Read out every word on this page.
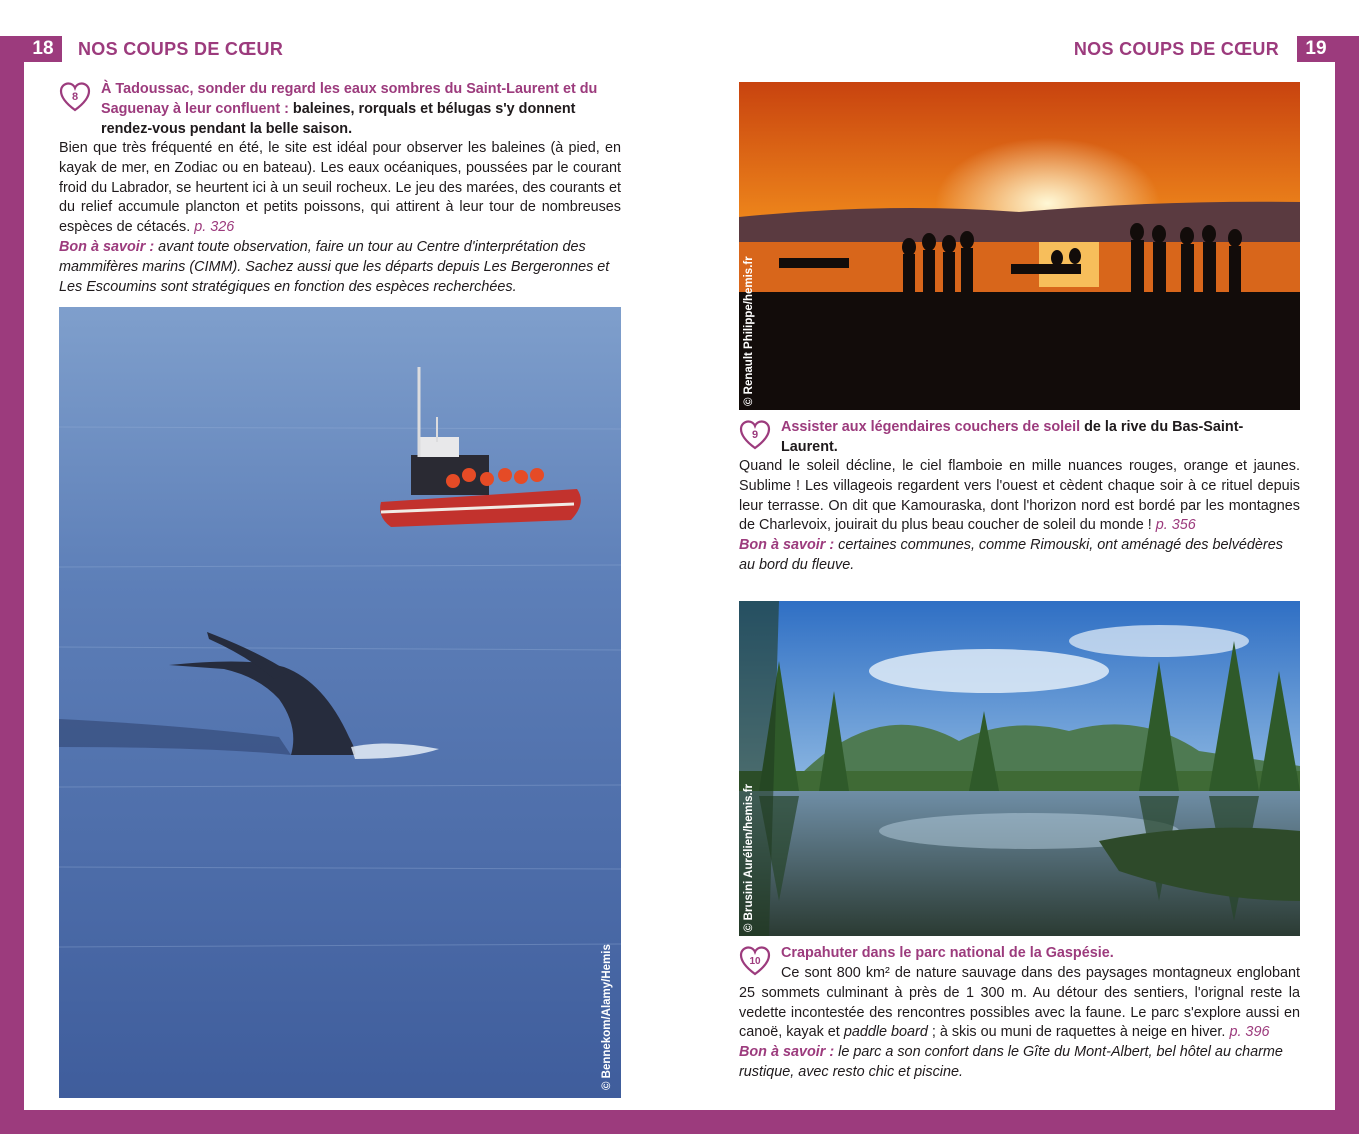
18	NOS COUPS DE CŒUR	NOS COUPS DE CŒUR	19
8 À Tadoussac, sonder du regard les eaux sombres du Saint-Laurent et du Saguenay à leur confluent : baleines, rorquals et bélugas s'y donnent rendez-vous pendant la belle saison.
Bien que très fréquenté en été, le site est idéal pour observer les baleines (à pied, en kayak de mer, en Zodiac ou en bateau). Les eaux océaniques, poussées par le courant froid du Labrador, se heurtent ici à un seuil rocheux. Le jeu des marées, des courants et du relief accumule plancton et petits poissons, qui attirent à leur tour de nombreuses espèces de cétacés. p. 326
Bon à savoir : avant toute observation, faire un tour au Centre d'interprétation des mammifères marins (CIMM). Sachez aussi que les départs depuis Les Bergeronnes et Les Escoumins sont stratégiques en fonction des espèces recherchées.
© Bennekom/Alamy/Hemis
© Renault Philippe/hemis.fr
9 Assister aux légendaires couchers de soleil de la rive du Bas-Saint-Laurent.
Quand le soleil décline, le ciel flamboie en mille nuances rouges, orange et jaunes. Sublime ! Les villageois regardent vers l'ouest et cèdent chaque soir à ce rituel depuis leur terrasse. On dit que Kamouraska, dont l'horizon nord est bordé par les montagnes de Charlevoix, jouirait du plus beau coucher de soleil du monde ! p. 356
Bon à savoir : certaines communes, comme Rimouski, ont aménagé des belvédères au bord du fleuve.
© Brusini Aurélien/hemis.fr
10
Crapahuter dans le parc national de la Gaspésie.
Ce sont 800 km² de nature sauvage dans des paysages montagneux englobant 25 sommets culminant à près de 1 300 m. Au détour des sentiers, l'orignal reste la vedette incontestée des rencontres possibles avec la faune. Le parc s'explore aussi en canoë, kayak et paddle board ; à skis ou muni de raquettes à neige en hiver. p. 396
Bon à savoir : le parc a son confort dans le Gîte du Mont-Albert, bel hôtel au charme rustique, avec resto chic et piscine.
